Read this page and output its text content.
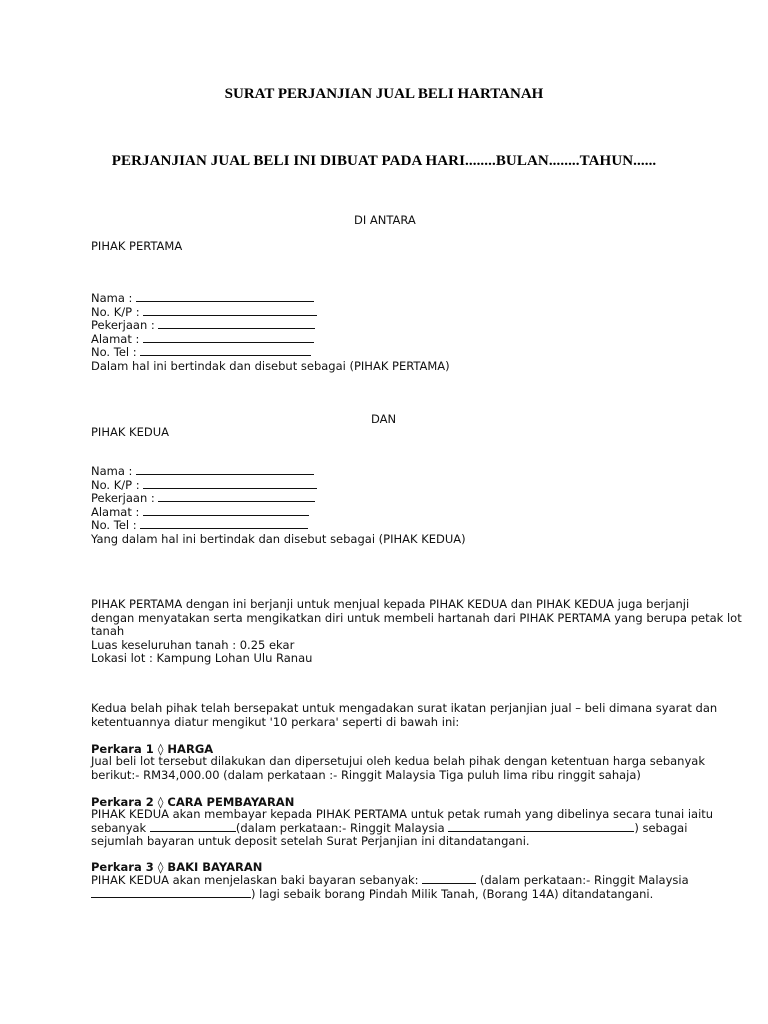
SURAT PERJANJIAN JUAL BELI HARTANAH
PERJANJIAN JUAL BELI INI DIBUAT PADA HARI........BULAN........TAHUN......
DI ANTARA
PIHAK PERTAMA
Nama :
No. K/P :
Pekerjaan :
Alamat :
No. Tel :
Dalam hal ini bertindak dan disebut sebagai (PIHAK PERTAMA)
DAN
PIHAK KEDUA
Nama :
No. K/P :
Pekerjaan :
Alamat :
No. Tel :
Yang dalam hal ini bertindak dan disebut sebagai (PIHAK KEDUA)
PIHAK PERTAMA dengan ini berjanji untuk menjual kepada PIHAK KEDUA dan PIHAK KEDUA juga berjanji
dengan menyatakan serta mengikatkan diri untuk membeli hartanah dari PIHAK PERTAMA yang berupa petak lot
tanah
Luas keseluruhan tanah : 0.25 ekar
Lokasi lot : Kampung Lohan Ulu Ranau
Kedua belah pihak telah bersepakat untuk mengadakan surat ikatan perjanjian jual – beli dimana syarat dan
ketentuannya diatur mengikut '10 perkara' seperti di bawah ini:
Perkara 1 ◊ HARGA
Jual beli lot tersebut dilakukan dan dipersetujui oleh kedua belah pihak dengan ketentuan harga sebanyak
berikut:- RM34,000.00 (dalam perkataan :- Ringgit Malaysia Tiga puluh lima ribu ringgit sahaja)
Perkara 2 ◊ CARA PEMBAYARAN
PIHAK KEDUA akan membayar kepada PIHAK PERTAMA untuk petak rumah yang dibelinya secara tunai iaitu
sebanyak	(dalam perkataan:- Ringgit Malaysia	) sebagai
sejumlah bayaran untuk deposit setelah Surat Perjanjian ini ditandatangani.
Perkara 3 ◊ BAKI BAYARAN
PIHAK KEDUA akan menjelaskan baki bayaran sebanyak:	(dalam perkataan:- Ringgit Malaysia
) lagi sebaik borang Pindah Milik Tanah, (Borang 14A) ditandatangani.
